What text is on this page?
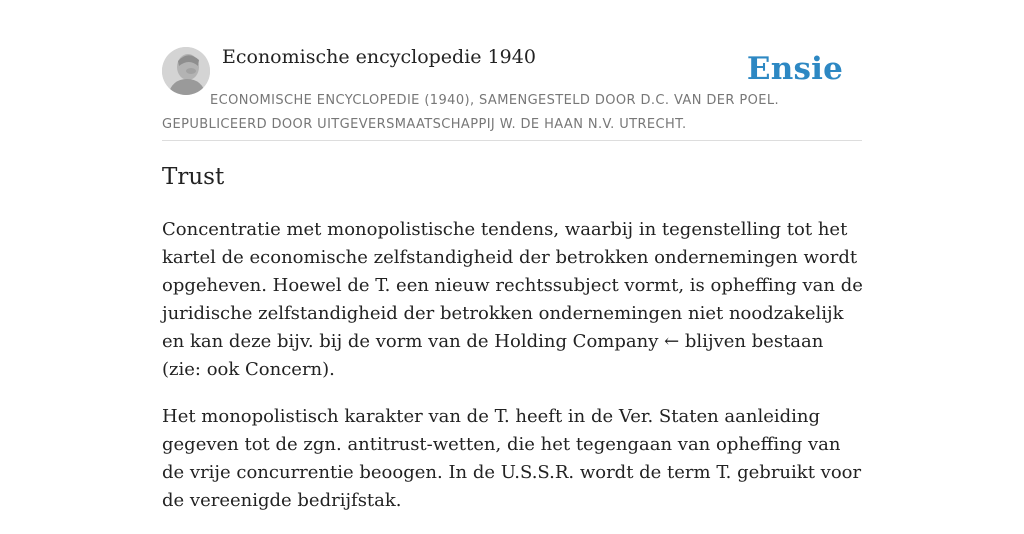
Economische encyclopedie 1940	Ensie
ECONOMISCHE ENCYCLOPEDIE (1940), SAMENGESTELD DOOR D.C. VAN DER POEL. GEPUBLICEERD DOOR UITGEVERSMAATSCHAPPIJ W. DE HAAN N.V. UTRECHT.
Trust

Concentratie met monopolistische tendens, waarbij in tegenstelling tot het kartel de economische zelfstandigheid der betrokken ondernemingen wordt opgeheven. Hoewel de T. een nieuw rechtssubject vormt, is opheffing van de juridische zelfstandigheid der betrokken ondernemingen niet noodzakelijk en kan deze bijv. bij de vorm van de Holding Company ← blijven bestaan (zie: ook Concern).

Het monopolistisch karakter van de T. heeft in de Ver. Staten aanleiding gegeven tot de zgn. antitrust-wetten, die het tegengaan van opheffing van de vrije concurrentie beoogen. In de U.S.S.R. wordt de term T. gebruikt voor de vereenigde bedrijfstak.
